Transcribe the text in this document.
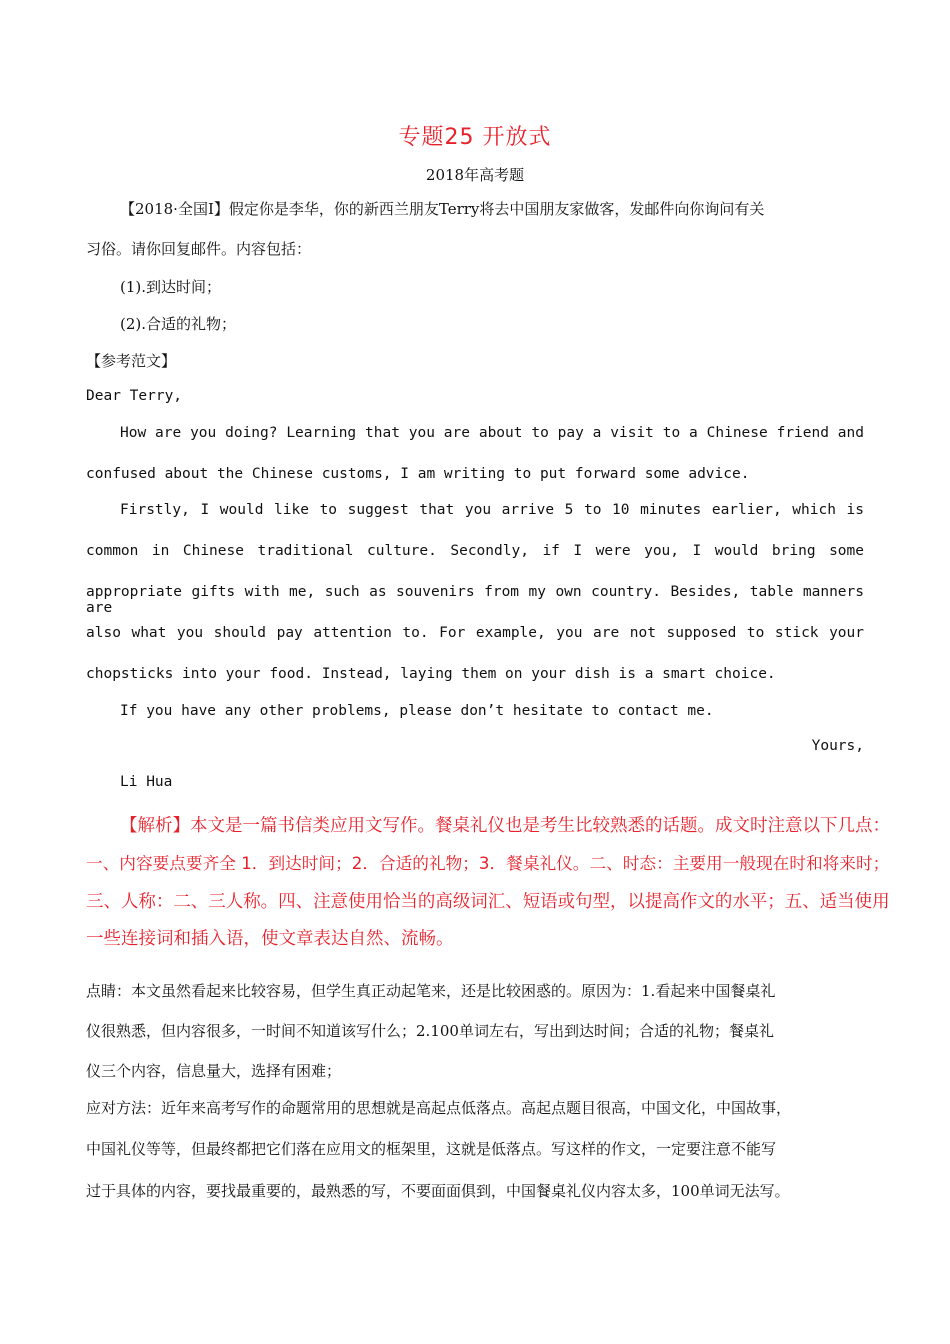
专题25 开放式
2018年高考题
【2018·全国I】假定你是李华，你的新西兰朋友Terry将去中国朋友家做客，发邮件向你询问有关
习俗。请你回复邮件。内容包括：
(1).到达时间；
(2).合适的礼物；
【参考范文】
Dear Terry,
How are you doing? Learning that you are about to pay a visit to a Chinese friend and
confused about the Chinese customs, I am writing to put forward some advice.
Firstly, I would like to suggest that you arrive 5 to 10 minutes earlier, which is
common in Chinese traditional culture. Secondly, if I were you, I would bring some
appropriate gifts with me, such as souvenirs from my own country. Besides, table manners are
also what you should pay attention to. For example, you are not supposed to stick your
chopsticks into your food. Instead, laying them on your dish is a smart choice.
If you have any other problems, please don’t hesitate to contact me.
Yours,
Li Hua
【解析】本文是一篇书信类应用文写作。餐桌礼仪也是考生比较熟悉的话题。成文时注意以下几点：
一、内容要点要齐全 1．到达时间；2．合适的礼物；3．餐桌礼仪。二、时态：主要用一般现在时和将来时；
三、人称：二、三人称。四、注意使用恰当的高级词汇、短语或句型，以提高作文的水平；五、适当使用
一些连接词和插入语，使文章表达自然、流畅。
点睛：本文虽然看起来比较容易，但学生真正动起笔来，还是比较困惑的。原因为：1.看起来中国餐桌礼
仪很熟悉，但内容很多，一时间不知道该写什么；2.100单词左右，写出到达时间；合适的礼物；餐桌礼
仪三个内容，信息量大，选择有困难；
应对方法：近年来高考写作的命题常用的思想就是高起点低落点。高起点题目很高，中国文化，中国故事，
中国礼仪等等，但最终都把它们落在应用文的框架里，这就是低落点。写这样的作文，一定要注意不能写
过于具体的内容，要找最重要的，最熟悉的写，不要面面俱到，中国餐桌礼仪内容太多，100单词无法写。
